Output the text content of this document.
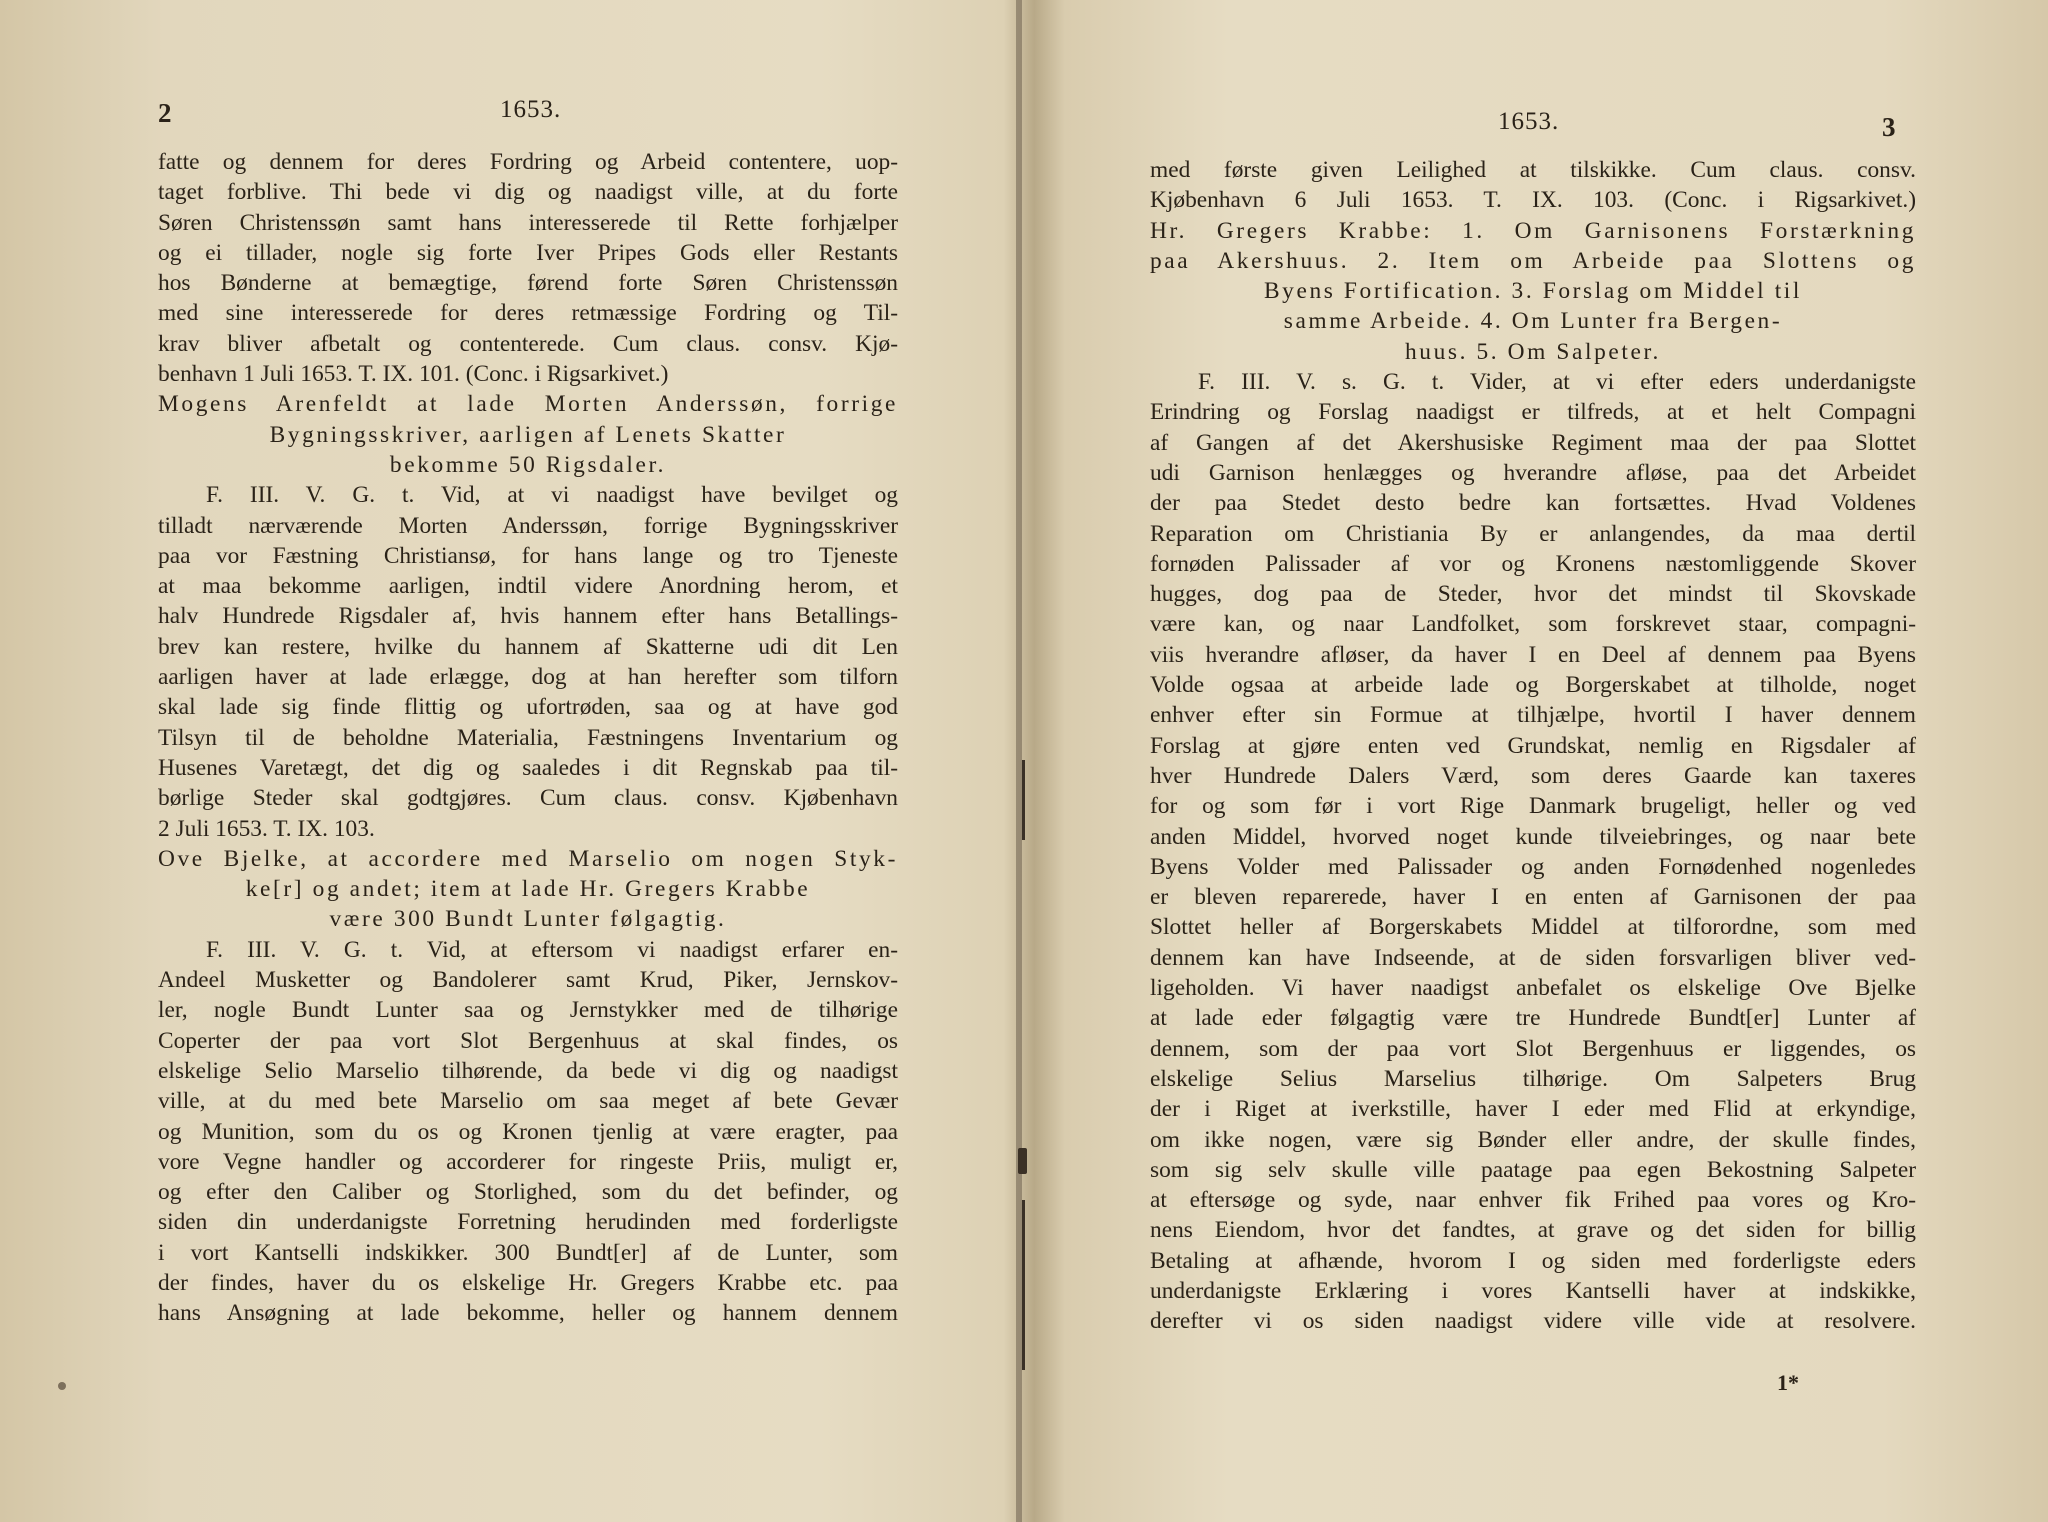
2	1653.
fatte og dennem for deres Fordring og Arbeid contentere, uop-
taget forblive. Thi bede vi dig og naadigst ville, at du forte
Søren Christenssøn samt hans interesserede til Rette forhjælper
og ei tillader, nogle sig forte Iver Pripes Gods eller Restants
hos Bønderne at bemægtige, førend forte Søren Christenssøn
med sine interesserede for deres retmæssige Fordring og Til-
krav bliver afbetalt og contenterede. Cum claus. consv. Kjø-
benhavn 1 Juli 1653. T. IX. 101. (Conc. i Rigsarkivet.)
Mogens Arenfeldt at lade Morten Anderssøn, forrige
Bygningsskriver, aarligen af Lenets Skatter
bekomme 50 Rigsdaler.
F. III. V. G. t. Vid, at vi naadigst have bevilget og
tilladt nærværende Morten Anderssøn, forrige Bygningsskriver
paa vor Fæstning Christiansø, for hans lange og tro Tjeneste
at maa bekomme aarligen, indtil videre Anordning herom, et
halv Hundrede Rigsdaler af, hvis hannem efter hans Betallings-
brev kan restere, hvilke du hannem af Skatterne udi dit Len
aarligen haver at lade erlægge, dog at han herefter som tilforn
skal lade sig finde flittig og ufortrøden, saa og at have god
Tilsyn til de beholdne Materialia, Fæstningens Inventarium og
Husenes Varetægt, det dig og saaledes i dit Regnskab paa til-
børlige Steder skal godtgjøres. Cum claus. consv. Kjøbenhavn
2 Juli 1653. T. IX. 103.
Ove Bjelke, at accordere med Marselio om nogen Styk-
ke[r] og andet; item at lade Hr. Gregers Krabbe
være 300 Bundt Lunter følgagtig.
F. III. V. G. t. Vid, at eftersom vi naadigst erfarer en-
Andeel Musketter og Bandolerer samt Krud, Piker, Jernskov-
ler, nogle Bundt Lunter saa og Jernstykker med de tilhørige
Coperter der paa vort Slot Bergenhuus at skal findes, os
elskelige Selio Marselio tilhørende, da bede vi dig og naadigst
ville, at du med bete Marselio om saa meget af bete Gevær
og Munition, som du os og Kronen tjenlig at være eragter, paa
vore Vegne handler og accorderer for ringeste Priis, muligt er,
og efter den Caliber og Storlighed, som du det befinder, og
siden din underdanigste Forretning herudinden med forderligste
i vort Kantselli indskikker. 300 Bundt[er] af de Lunter, som
der findes, haver du os elskelige Hr. Gregers Krabbe etc. paa
hans Ansøgning at lade bekomme, heller og hannem dennem
1653.	3
med første given Leilighed at tilskikke. Cum claus. consv.
Kjøbenhavn 6 Juli 1653. T. IX. 103. (Conc. i Rigsarkivet.)
Hr. Gregers Krabbe: 1. Om Garnisonens Forstærkning
paa Akershuus. 2. Item om Arbeide paa Slottens og
Byens Fortification. 3. Forslag om Middel til
samme Arbeide. 4. Om Lunter fra Bergen-
huus. 5. Om Salpeter.
F. III. V. s. G. t. Vider, at vi efter eders underdanigste
Erindring og Forslag naadigst er tilfreds, at et helt Compagni
af Gangen af det Akershusiske Regiment maa der paa Slottet
udi Garnison henlægges og hverandre afløse, paa det Arbeidet
der paa Stedet desto bedre kan fortsættes. Hvad Voldenes
Reparation om Christiania By er anlangendes, da maa dertil
fornøden Palissader af vor og Kronens næstomliggende Skover
hugges, dog paa de Steder, hvor det mindst til Skovskade
være kan, og naar Landfolket, som forskrevet staar, compagni-
viis hverandre afløser, da haver I en Deel af dennem paa Byens
Volde ogsaa at arbeide lade og Borgerskabet at tilholde, noget
enhver efter sin Formue at tilhjælpe, hvortil I haver dennem
Forslag at gjøre enten ved Grundskat, nemlig en Rigsdaler af
hver Hundrede Dalers Værd, som deres Gaarde kan taxeres
for og som før i vort Rige Danmark brugeligt, heller og ved
anden Middel, hvorved noget kunde tilveiebringes, og naar bete
Byens Volder med Palissader og anden Fornødenhed nogenledes
er bleven reparerede, haver I en enten af Garnisonen der paa
Slottet heller af Borgerskabets Middel at tilforordne, som med
dennem kan have Indseende, at de siden forsvarligen bliver ved-
ligeholden. Vi haver naadigst anbefalet os elskelige Ove Bjelke
at lade eder følgagtig være tre Hundrede Bundt[er] Lunter af
dennem, som der paa vort Slot Bergenhuus er liggendes, os
elskelige Selius Marselius tilhørige. Om Salpeters Brug
der i Riget at iverkstille, haver I eder med Flid at erkyndige,
om ikke nogen, være sig Bønder eller andre, der skulle findes,
som sig selv skulle ville paatage paa egen Bekostning Salpeter
at eftersøge og syde, naar enhver fik Frihed paa vores og Kro-
nens Eiendom, hvor det fandtes, at grave og det siden for billig
Betaling at afhænde, hvorom I og siden med forderligste eders
underdanigste Erklæring i vores Kantselli haver at indskikke,
derefter vi os siden naadigst videre ville vide at resolvere.
1*
